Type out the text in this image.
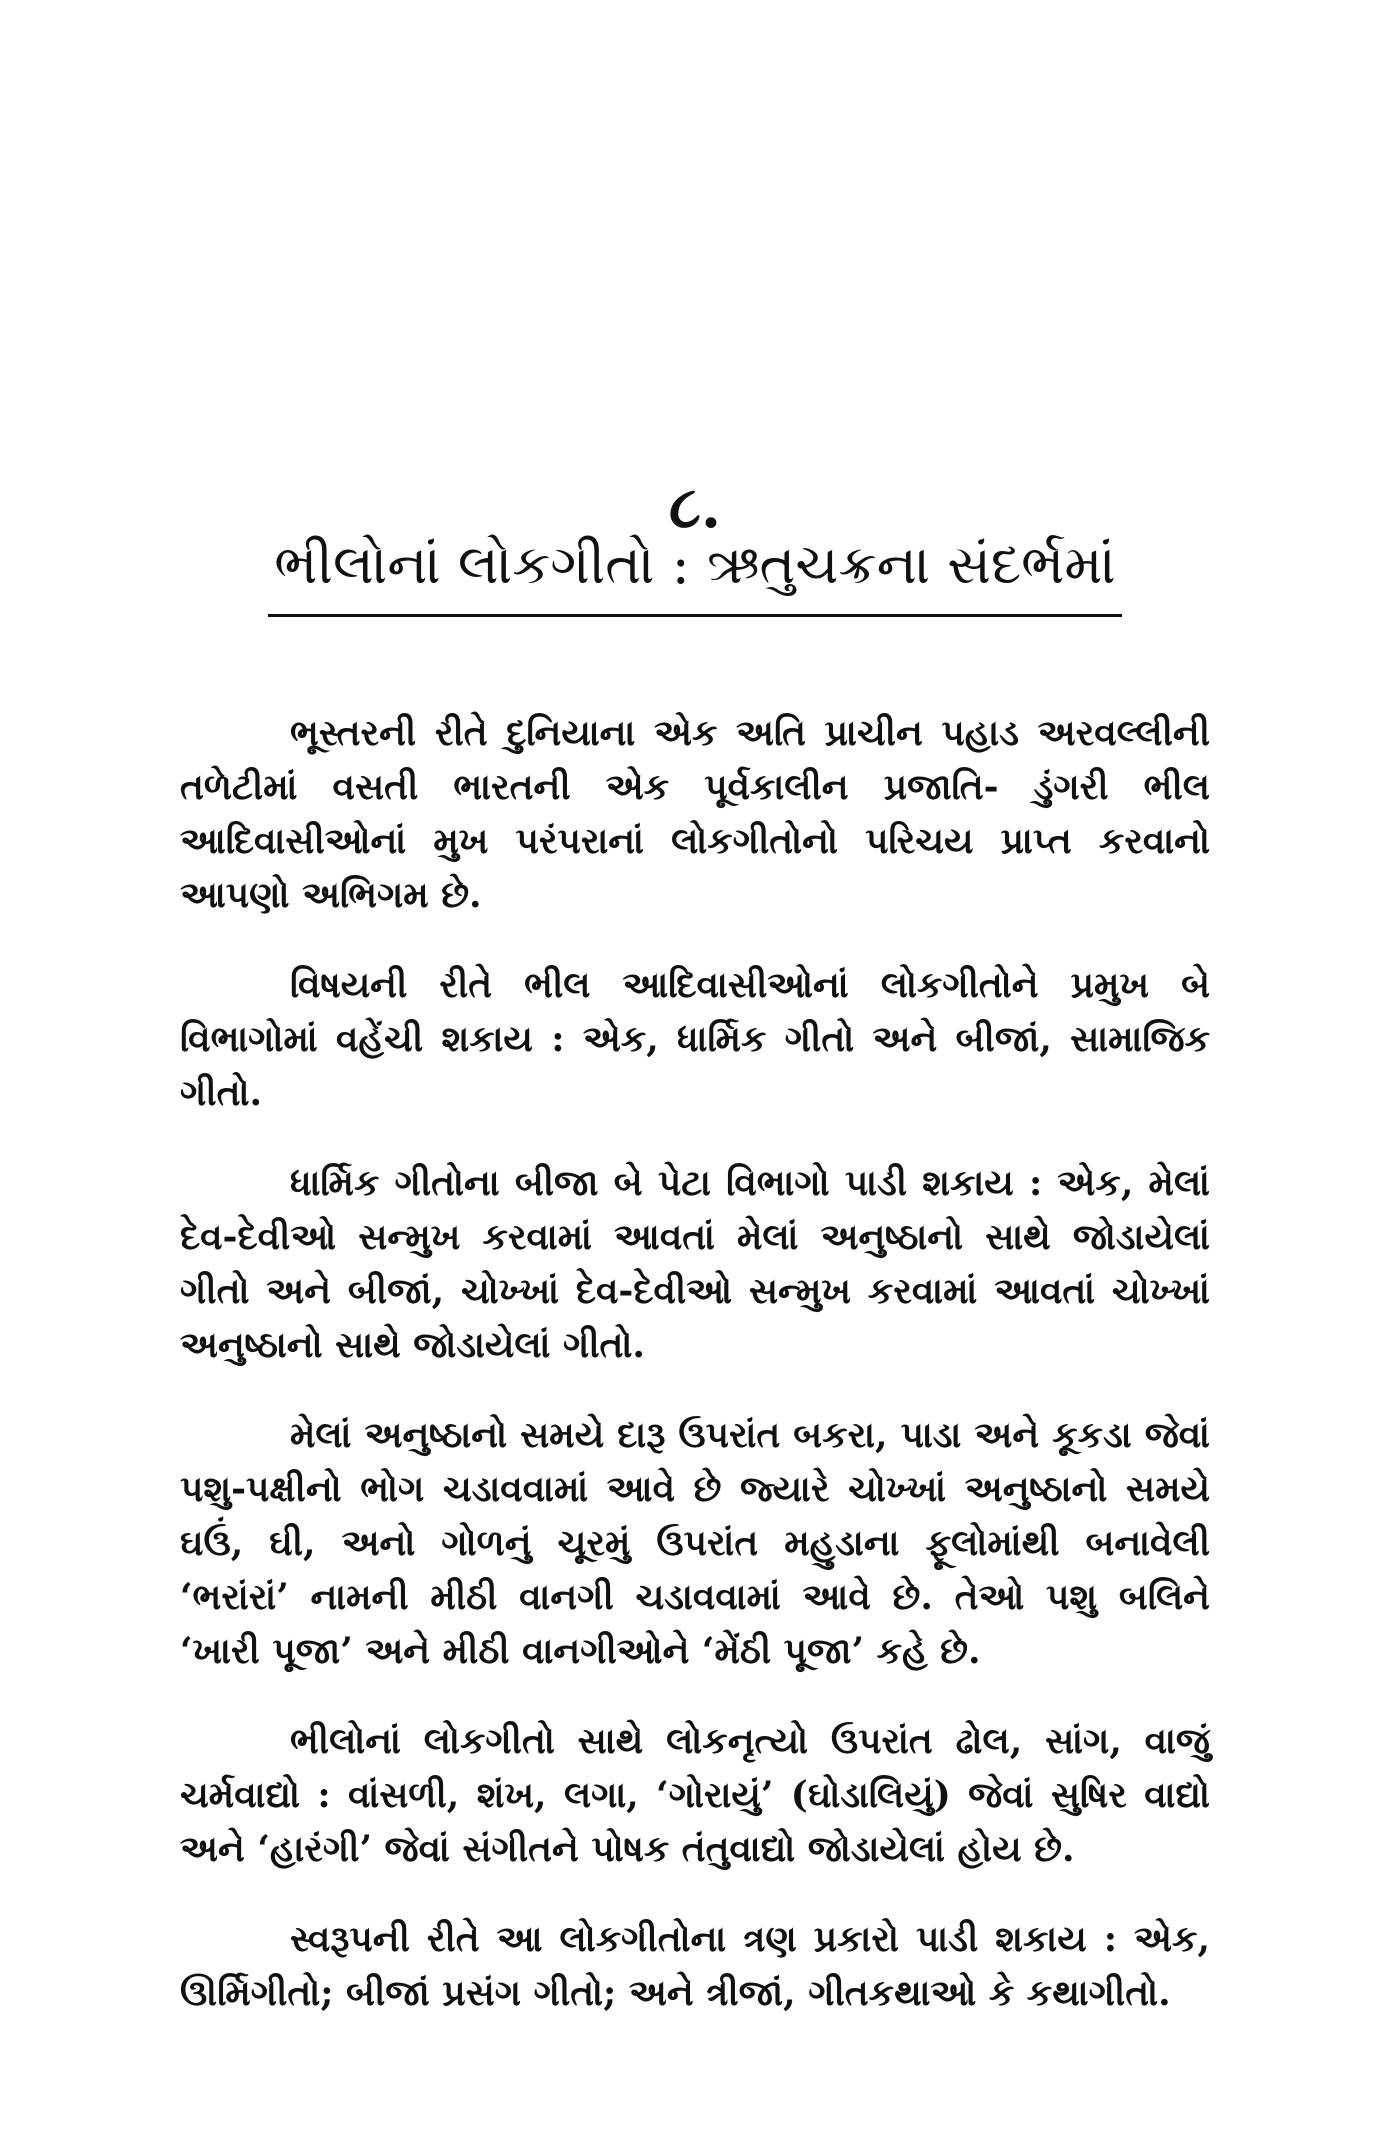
૮.
ભીલોનાં લોકગીતો : ઋતુચક્રના સંદર્ભમાં

ભૂસ્તરની રીતે દુનિયાના એક અતિ પ્રાચીન પહાડ અરવલ્લીની તળેટીમાં વસતી ભારતની એક પૂર્વકાલીન પ્રજાતિ- ડુંગરી ભીલ આદિવાસીઓનાં મુખ પરંપરાનાં લોકગીતોનો પરિચય પ્રાપ્ત કરવાનો આપણો અભિગમ છે.

વિષયની રીતે ભીલ આદિવાસીઓનાં લોકગીતોને પ્રમુખ બે વિભાગોમાં વહેંચી શકાય : એક, ધાર્મિક ગીતો અને બીજાં, સામાજિક ગીતો.

ધાર્મિક ગીતોના બીજા બે પેટા વિભાગો પાડી શકાય : એક, મેલાં દેવ-દેવીઓ સન્મુખ કરવામાં આવતાં મેલાં અનુષ્ઠાનો સાથે જોડાયેલાં ગીતો અને બીજાં, ચોખ્ખાં દેવ-દેવીઓ સન્મુખ કરવામાં આવતાં ચોખ્ખાં અનુષ્ઠાનો સાથે જોડાયેલાં ગીતો.

મેલાં અનુષ્ઠાનો સમયે દારૂ ઉપરાંત બકરા, પાડા અને કૂકડા જેવાં પશુ-પક્ષીનો ભોગ ચડાવવામાં આવે છે જ્યારે ચોખ્ખાં અનુષ્ઠાનો સમયે ઘઉં, ઘી, અનો ગોળનું ચૂરમું ઉપરાંત મહુડાના ફૂલોમાંથી બનાવેલી ‘ભરાંરાં’ નામની મીઠી વાનગી ચડાવવામાં આવે છે. તેઓ પશુ બલિને ‘ખારી પૂજા’ અને મીઠી વાનગીઓને ‘મેંઠી પૂજા’ કહે છે.

ભીલોનાં લોકગીતો સાથે લોકનૃત્યો ઉપરાંત ઢોલ, સાંગ, વાજું ચર્મવાદ્યો : વાંસળી, શંખ, લગા, ‘ગોરાયું’ (ઘોડાલિયું) જેવાં સુષિર વાદ્યો અને ‘હારંગી’ જેવાં સંગીતને પોષક તંતુવાદ્યો જોડાયેલાં હોય છે.

સ્વરૂપની રીતે આ લોકગીતોના ત્રણ પ્રકારો પાડી શકાય : એક, ઊર્મિગીતો; બીજાં પ્રસંગ ગીતો; અને ત્રીજાં, ગીતકથાઓ કે કથાગીતો.
